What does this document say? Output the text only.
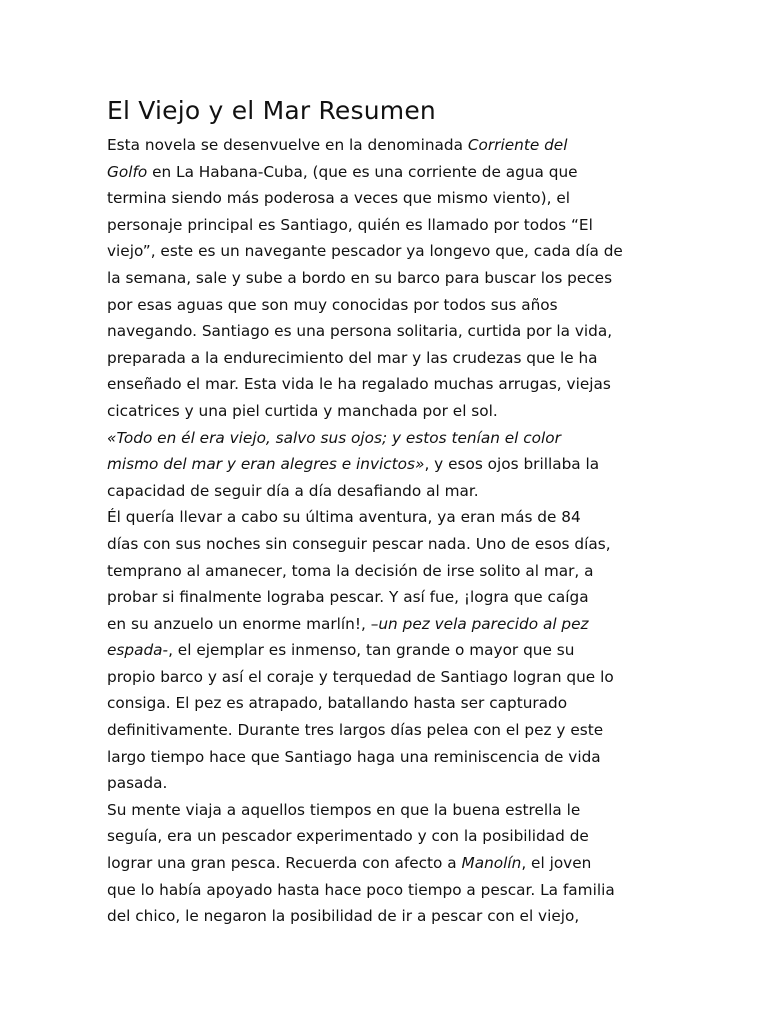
El Viejo y el Mar Resumen
Esta novela se desenvuelve en la denominada Corriente del
Golfo en La Habana-Cuba, (que es una corriente de agua que
termina siendo más poderosa a veces que mismo viento), el
personaje principal es Santiago, quién es llamado por todos “El
viejo”, este es un navegante pescador ya longevo que, cada día de
la semana, sale y sube a bordo en su barco para buscar los peces
por esas aguas que son muy conocidas por todos sus años
navegando. Santiago es una persona solitaria, curtida por la vida,
preparada a la endurecimiento del mar y las crudezas que le ha
enseñado el mar. Esta vida le ha regalado muchas arrugas, viejas
cicatrices y una piel curtida y manchada por el sol.
«Todo en él era viejo, salvo sus ojos; y estos tenían el color
mismo del mar y eran alegres e invictos», y esos ojos brillaba la
capacidad de seguir día a día desafiando al mar.
Él quería llevar a cabo su última aventura, ya eran más de 84
días con sus noches sin conseguir pescar nada. Uno de esos días,
temprano al amanecer, toma la decisión de irse solito al mar, a
probar si finalmente lograba pescar. Y así fue, ¡logra que caíga
en su anzuelo un enorme marlín!, –un pez vela parecido al pez
espada-, el ejemplar es inmenso, tan grande o mayor que su
propio barco y así el coraje y terquedad de Santiago logran que lo
consiga. El pez es atrapado, batallando hasta ser capturado
definitivamente. Durante tres largos días pelea con el pez y este
largo tiempo hace que Santiago haga una reminiscencia de vida
pasada.
Su mente viaja a aquellos tiempos en que la buena estrella le
seguía, era un pescador experimentado y con la posibilidad de
lograr una gran pesca. Recuerda con afecto a Manolín, el joven
que lo había apoyado hasta hace poco tiempo a pescar. La familia
del chico, le negaron la posibilidad de ir a pescar con el viejo,
